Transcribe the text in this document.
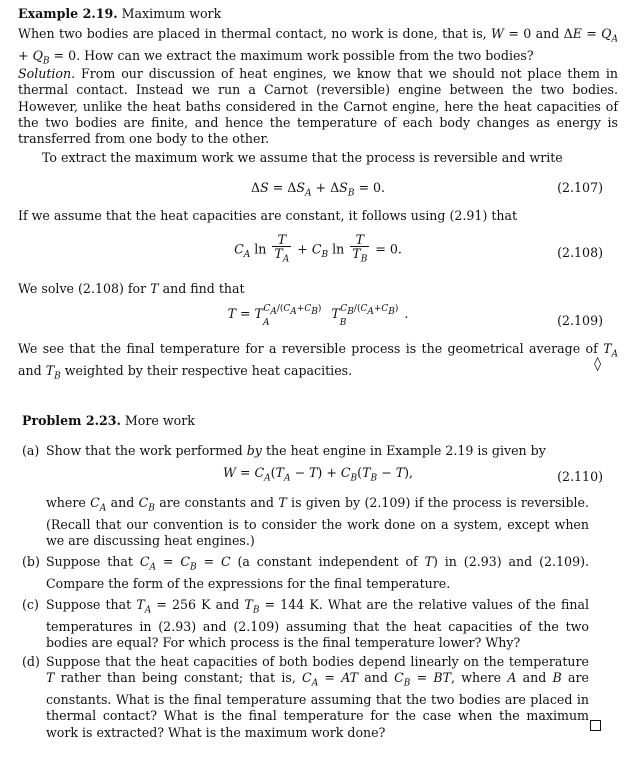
Example 2.19. Maximum work
When two bodies are placed in thermal contact, no work is done, that is, W = 0 and $\Delta E = Q_A + Q_B = 0$. How can we extract the maximum work possible from the two bodies?
Solution. From our discussion of heat engines, we know that we should not place them in thermal contact. Instead we run a Carnot (reversible) engine between the two bodies. However, unlike the heat baths considered in the Carnot engine, here the heat capacities of the two bodies are finite, and hence the temperature of each body changes as energy is transferred from one body to the other.
To extract the maximum work we assume that the process is reversible and write
$\Delta S = \Delta S_A + \Delta S_B = 0$.	(2.107)
If we assume that the heat capacities are constant, it follows using (2.91) that
$C_A$ $\ln \frac{T}{T_A} + C_B$ $\ln \frac{T}{T_B} = 0$.	(2.108)
We solve (2.108) for T and find that
$T = T_A^{C_A/(C_A+C_B)}$ $T_B^{C_B/(C_A+C_B)}$ .	(2.109)
We see that the final temperature for a reversible process is the geometrical average of $T_A$ and $T_B$ weighted by their respective heat capacities.	◊
Problem 2.23. More work
(a) Show that the work performed by the heat engine in Example 2.19 is given by
$W = C_A(T_A - T) + C_B(T_B - T)$,	(2.110)
where $C_A$ and $C_B$ are constants and T is given by (2.109) if the process is reversible. (Recall that our convention is to consider the work done on a system, except when we are discussing heat engines.)
(b) Suppose that $C_A = C_B = C$ (a constant independent of T) in (2.93) and (2.109). Compare the form of the expressions for the final temperature.
(c) Suppose that $T_A = 256$ K and $T_B = 144$ K. What are the relative values of the final temperatures in (2.93) and (2.109) assuming that the heat capacities of the two bodies are equal? For which process is the final temperature lower? Why?
(d) Suppose that the heat capacities of both bodies depend linearly on the temperature T rather than being constant; that is, $C_A$ = AT and $C_B$ = BT, where A and B are constants. What is the final temperature assuming that the two bodies are placed in thermal contact? What is the final temperature for the case when the maximum work is extracted? What is the maximum work done?
